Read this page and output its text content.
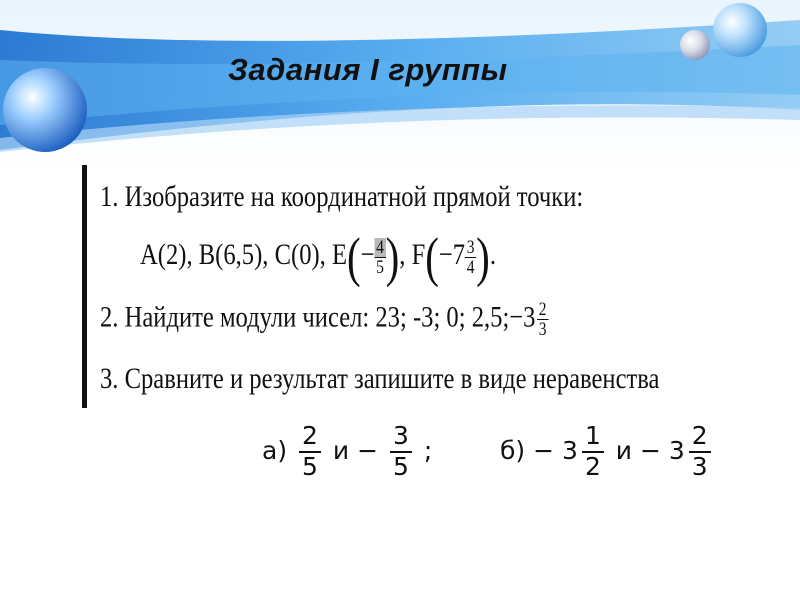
Задания I группы
1. Изобразите на координатной прямой точки:
A(2), B(6,5), C(0), $E(- \frac{4}{5}$ ), $F(-7 \frac{3}{4}$ ).
2. Найдите модули чисел: 23; -3; 0; 2,5;−3 $\frac{2}{3}$
3. Сравните и результат запишите в виде неравенства
$а) \frac{2}{5}$ $и - \frac{3}{5}$ ;	$б) - 3 \frac{1}{2}$ $и - 3 \frac{2}{3}$
